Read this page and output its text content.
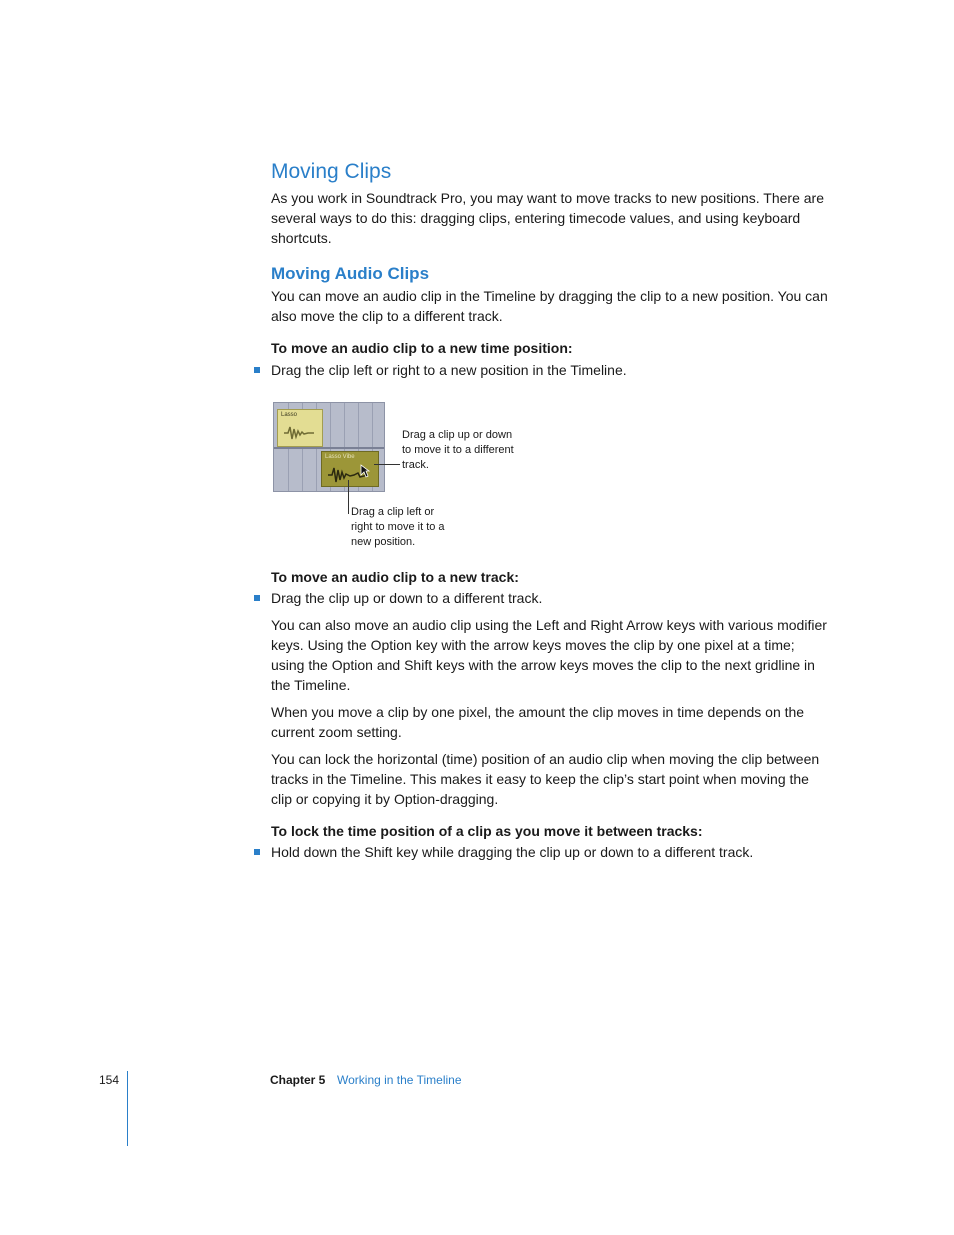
Moving Clips

As you work in Soundtrack Pro, you may want to move tracks to new positions. There are several ways to do this: dragging clips, entering timecode values, and using keyboard shortcuts.

Moving Audio Clips

You can move an audio clip in the Timeline by dragging the clip to a new position. You can also move the clip to a different track.

To move an audio clip to a new time position:
Drag the clip left or right to a new position in the Timeline.
Lasso
Lasso Vibe
Drag a clip up or down
to move it to a different
track.
Drag a clip left or
right to move it to a
new position.
To move an audio clip to a new track:
Drag the clip up or down to a different track.

You can also move an audio clip using the Left and Right Arrow keys with various modifier keys. Using the Option key with the arrow keys moves the clip by one pixel at a time; using the Option and Shift keys with the arrow keys moves the clip to the next gridline in the Timeline.

When you move a clip by one pixel, the amount the clip moves in time depends on the current zoom setting.

You can lock the horizontal (time) position of an audio clip when moving the clip between tracks in the Timeline. This makes it easy to keep the clip’s start point when moving the clip or copying it by Option-dragging.

To lock the time position of a clip as you move it between tracks:
Hold down the Shift key while dragging the clip up or down to a different track.
154	Chapter 5 Working in the Timeline
